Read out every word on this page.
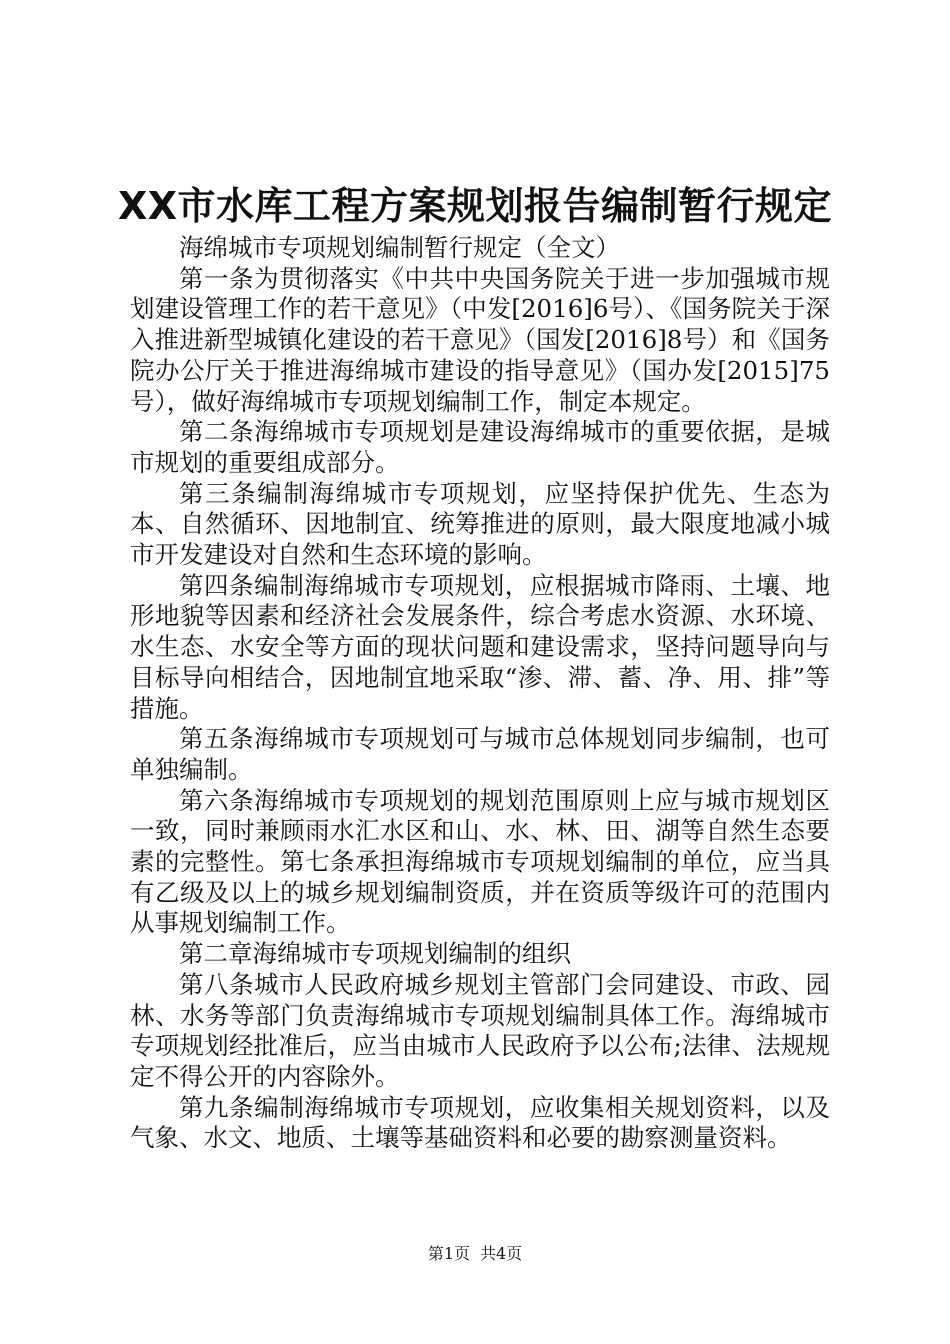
XX市水库工程方案规划报告编制暂行规定

海绵城市专项规划编制暂行规定（全文）

第一条为贯彻落实《中共中央国务院关于进一步加强城市规划建设管理工作的若干意见》（中发[2016]6号）、《国务院关于深入推进新型城镇化建设的若干意见》（国发[2016]8号）和《国务院办公厅关于推进海绵城市建设的指导意见》（国办发[2015]75号），做好海绵城市专项规划编制工作，制定本规定。

第二条海绵城市专项规划是建设海绵城市的重要依据，是城市规划的重要组成部分。

第三条编制海绵城市专项规划，应坚持保护优先、生态为本、自然循环、因地制宜、统筹推进的原则，最大限度地减小城市开发建设对自然和生态环境的影响。

第四条编制海绵城市专项规划，应根据城市降雨、土壤、地形地貌等因素和经济社会发展条件，综合考虑水资源、水环境、水生态、水安全等方面的现状问题和建设需求，坚持问题导向与目标导向相结合，因地制宜地采取“渗、滞、蓄、净、用、排”等措施。

第五条海绵城市专项规划可与城市总体规划同步编制，也可单独编制。

第六条海绵城市专项规划的规划范围原则上应与城市规划区一致，同时兼顾雨水汇水区和山、水、林、田、湖等自然生态要素的完整性。第七条承担海绵城市专项规划编制的单位，应当具有乙级及以上的城乡规划编制资质，并在资质等级许可的范围内从事规划编制工作。

第二章海绵城市专项规划编制的组织

第八条城市人民政府城乡规划主管部门会同建设、市政、园林、水务等部门负责海绵城市专项规划编制具体工作。海绵城市专项规划经批准后，应当由城市人民政府予以公布;法律、法规规定不得公开的内容除外。

第九条编制海绵城市专项规划，应收集相关规划资料，以及气象、水文、地质、土壤等基础资料和必要的勘察测量资料。

第1页 共4页
